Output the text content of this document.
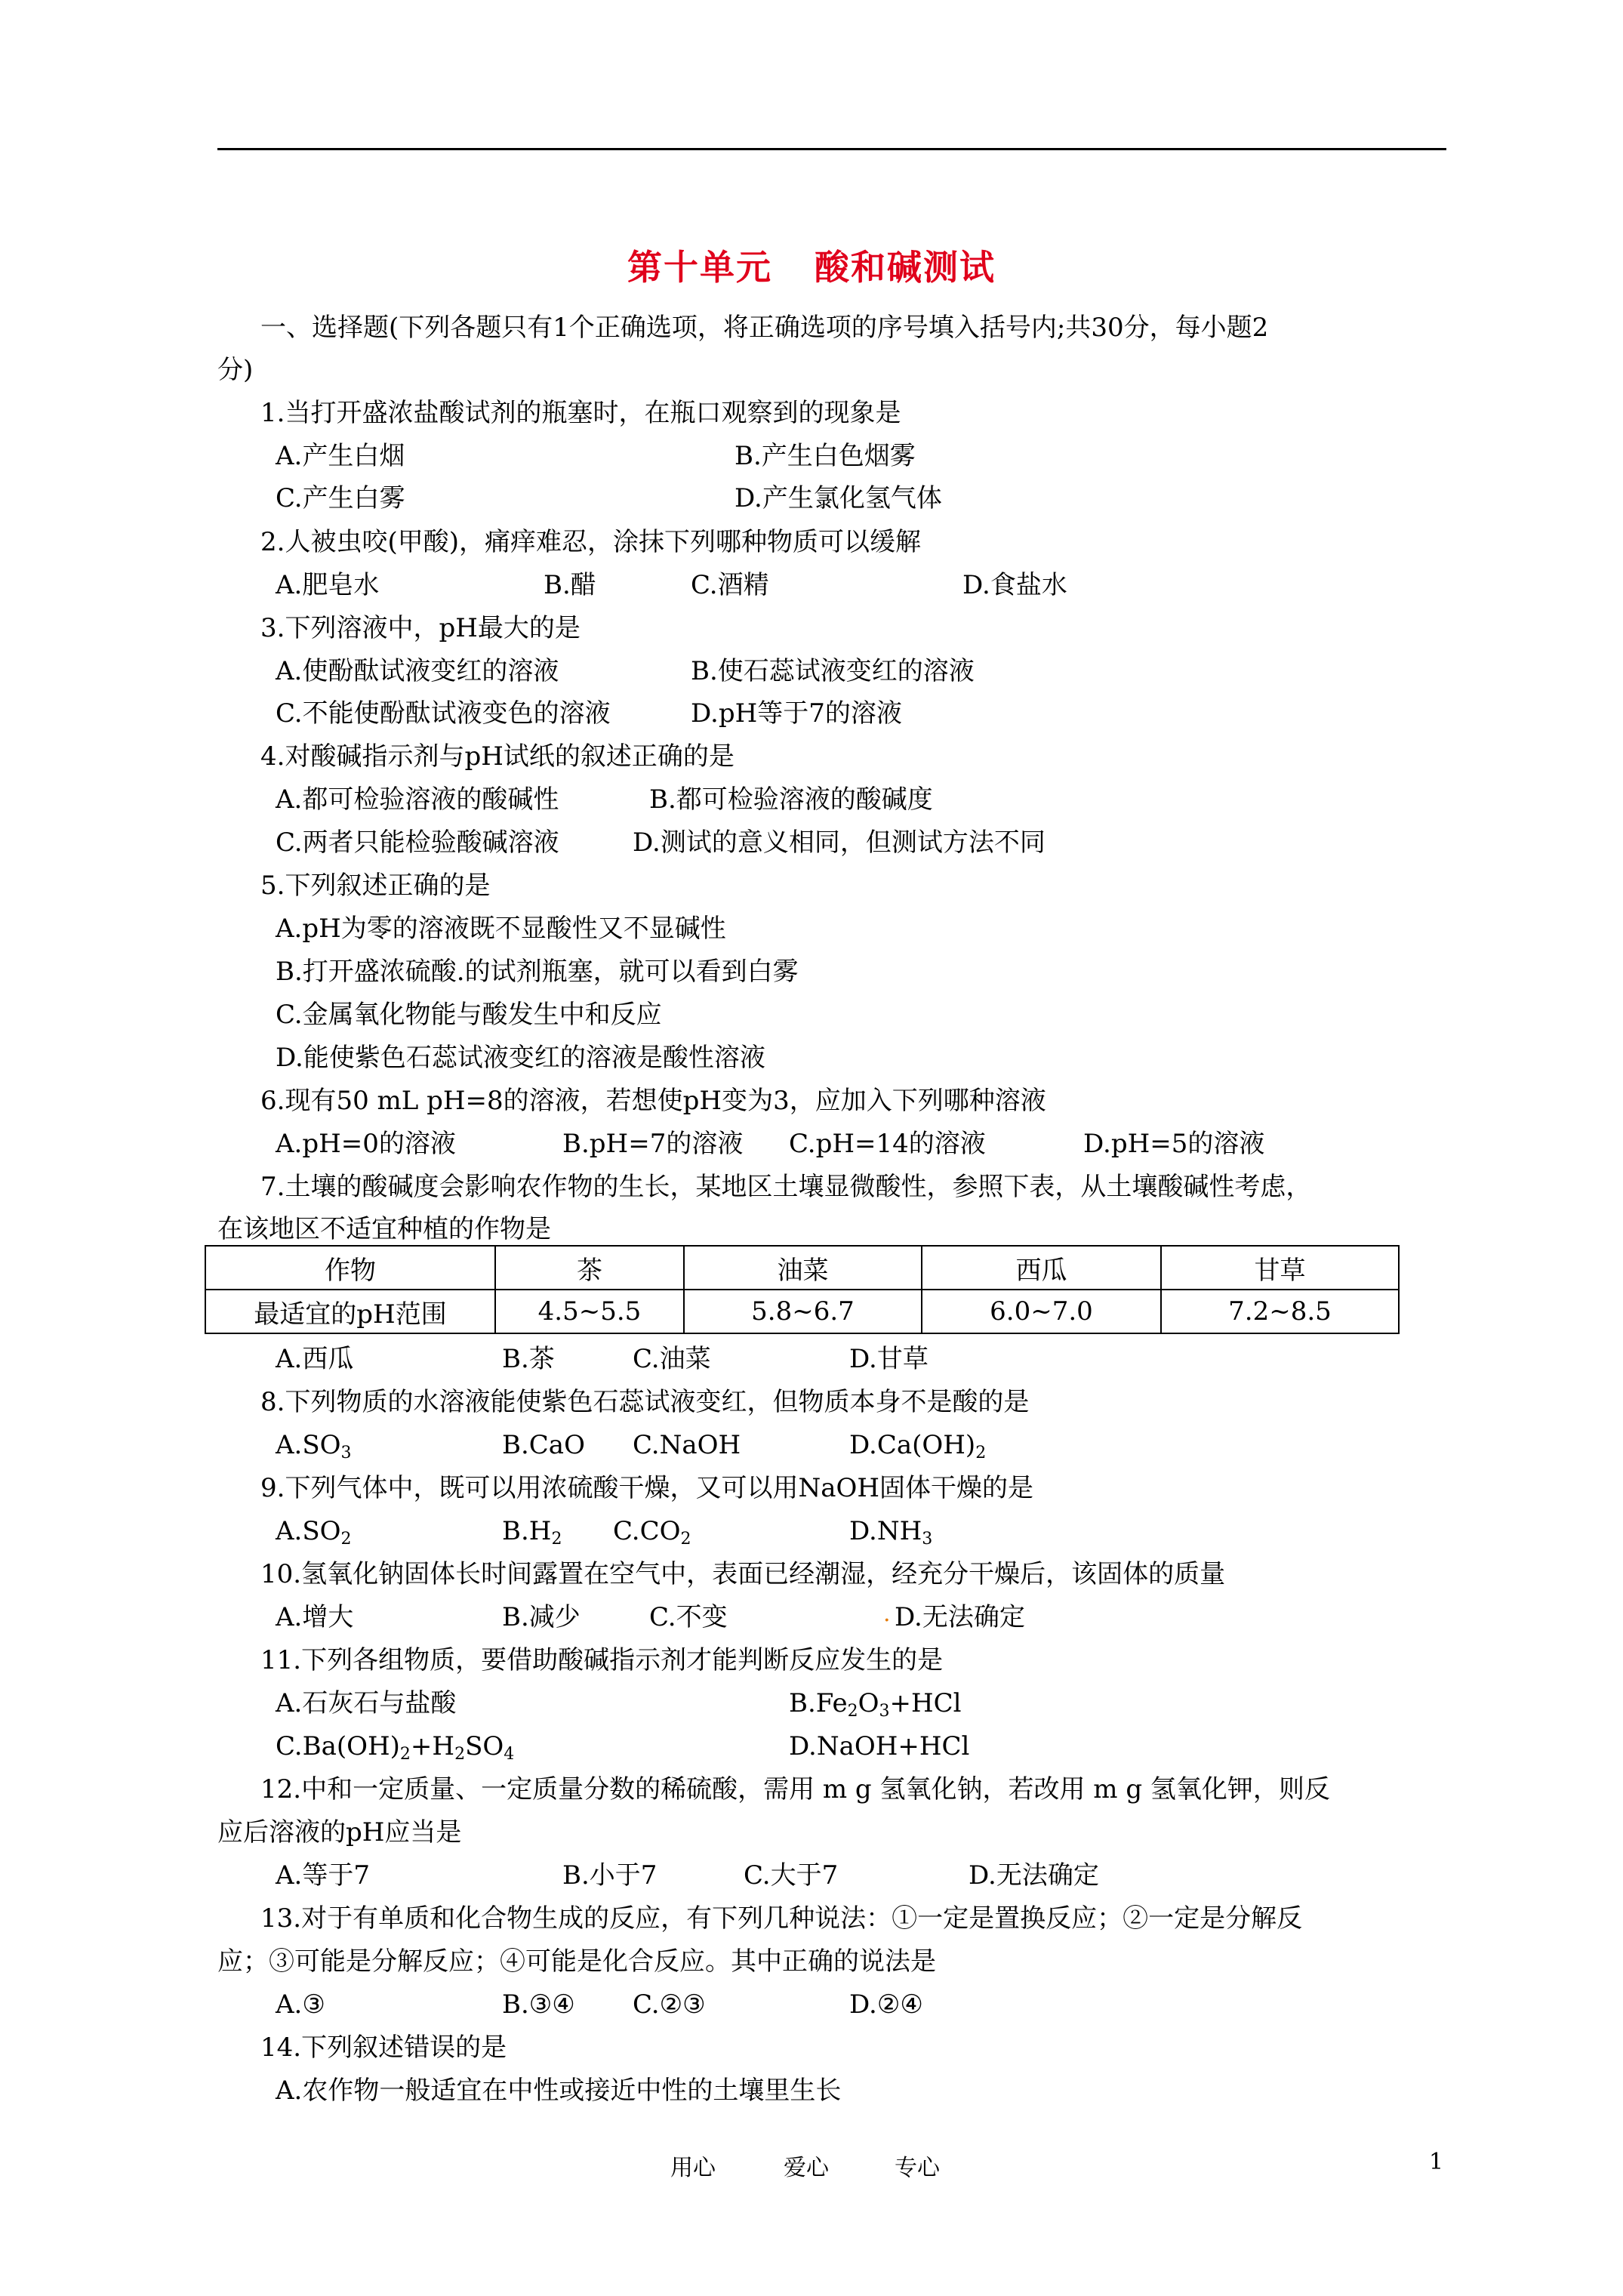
第十单元 酸和碱测试
一、选择题(下列各题只有1个正确选项，将正确选项的序号填入括号内;共30分，每小题2
分)
1.当打开盛浓盐酸试剂的瓶塞时，在瓶口观察到的现象是
A.产生白烟	B.产生白色烟雾
C.产生白雾	D.产生氯化氢气体
2.人被虫咬(甲酸)，痛痒难忍，涂抹下列哪种物质可以缓解
A.肥皂水	B.醋	C.酒精	D.食盐水
3.下列溶液中，pH最大的是
A.使酚酞试液变红的溶液	B.使石蕊试液变红的溶液
C.不能使酚酞试液变色的溶液	D.pH等于7的溶液
4.对酸碱指示剂与pH试纸的叙述正确的是
A.都可检验溶液的酸碱性	B.都可检验溶液的酸碱度
C.两者只能检验酸碱溶液	D.测试的意义相同，但测试方法不同
5.下列叙述正确的是
A.pH为零的溶液既不显酸性又不显碱性
B.打开盛浓硫酸.的试剂瓶塞，就可以看到白雾
C.金属氧化物能与酸发生中和反应
D.能使紫色石蕊试液变红的溶液是酸性溶液
6.现有50 mL pH=8的溶液，若想使pH变为3，应加入下列哪种溶液
A.pH=0的溶液	B.pH=7的溶液 C.pH=14的溶液	D.pH=5的溶液
7.土壤的酸碱度会影响农作物的生长，某地区土壤显微酸性，参照下表，从土壤酸碱性考虑，
在该地区不适宜种植的作物是
作物	茶	油菜	西瓜	甘草
最适宜的pH范围	4.5~5.5	5.8~6.7	6.0~7.0	7.2~8.5
A.西瓜	B.茶	C.油菜	D.甘草
8.下列物质的水溶液能使紫色石蕊试液变红，但物质本身不是酸的是
$A.SO_3$	B.CaO C.NaOH	$D.Ca(OH)_2$
9.下列气体中，既可以用浓硫酸干燥，又可以用NaOH固体干燥的是
$A.SO_2$	$B.H_2$ $C.CO_2$	$D.NH_3$
10.氢氧化钠固体长时间露置在空气中，表面已经潮湿，经充分干燥后，该固体的质量
A.增大	B.减少	C.不变	. D.无法确定
11.下列各组物质，要借助酸碱指示剂才能判断反应发生的是
A.石灰石与盐酸	$B.Fe_2O_3+HCl$
$C.Ba(OH)_2+H_2SO_4$	D.NaOH+HCl
12.中和一定质量、一定质量分数的稀硫酸，需用 m g 氢氧化钠，若改用 m g 氢氧化钾，则反
应后溶液的pH应当是
A.等于7	B.小于7	C.大于7	D.无法确定
13.对于有单质和化合物生成的反应，有下列几种说法：①一定是置换反应；②一定是分解反
应；③可能是分解反应；④可能是化合反应。其中正确的说法是
A.③	B.③④ C.②③	D.②④
14.下列叙述错误的是
A.农作物一般适宜在中性或接近中性的土壤里生长
用心	爱心	专心	1
